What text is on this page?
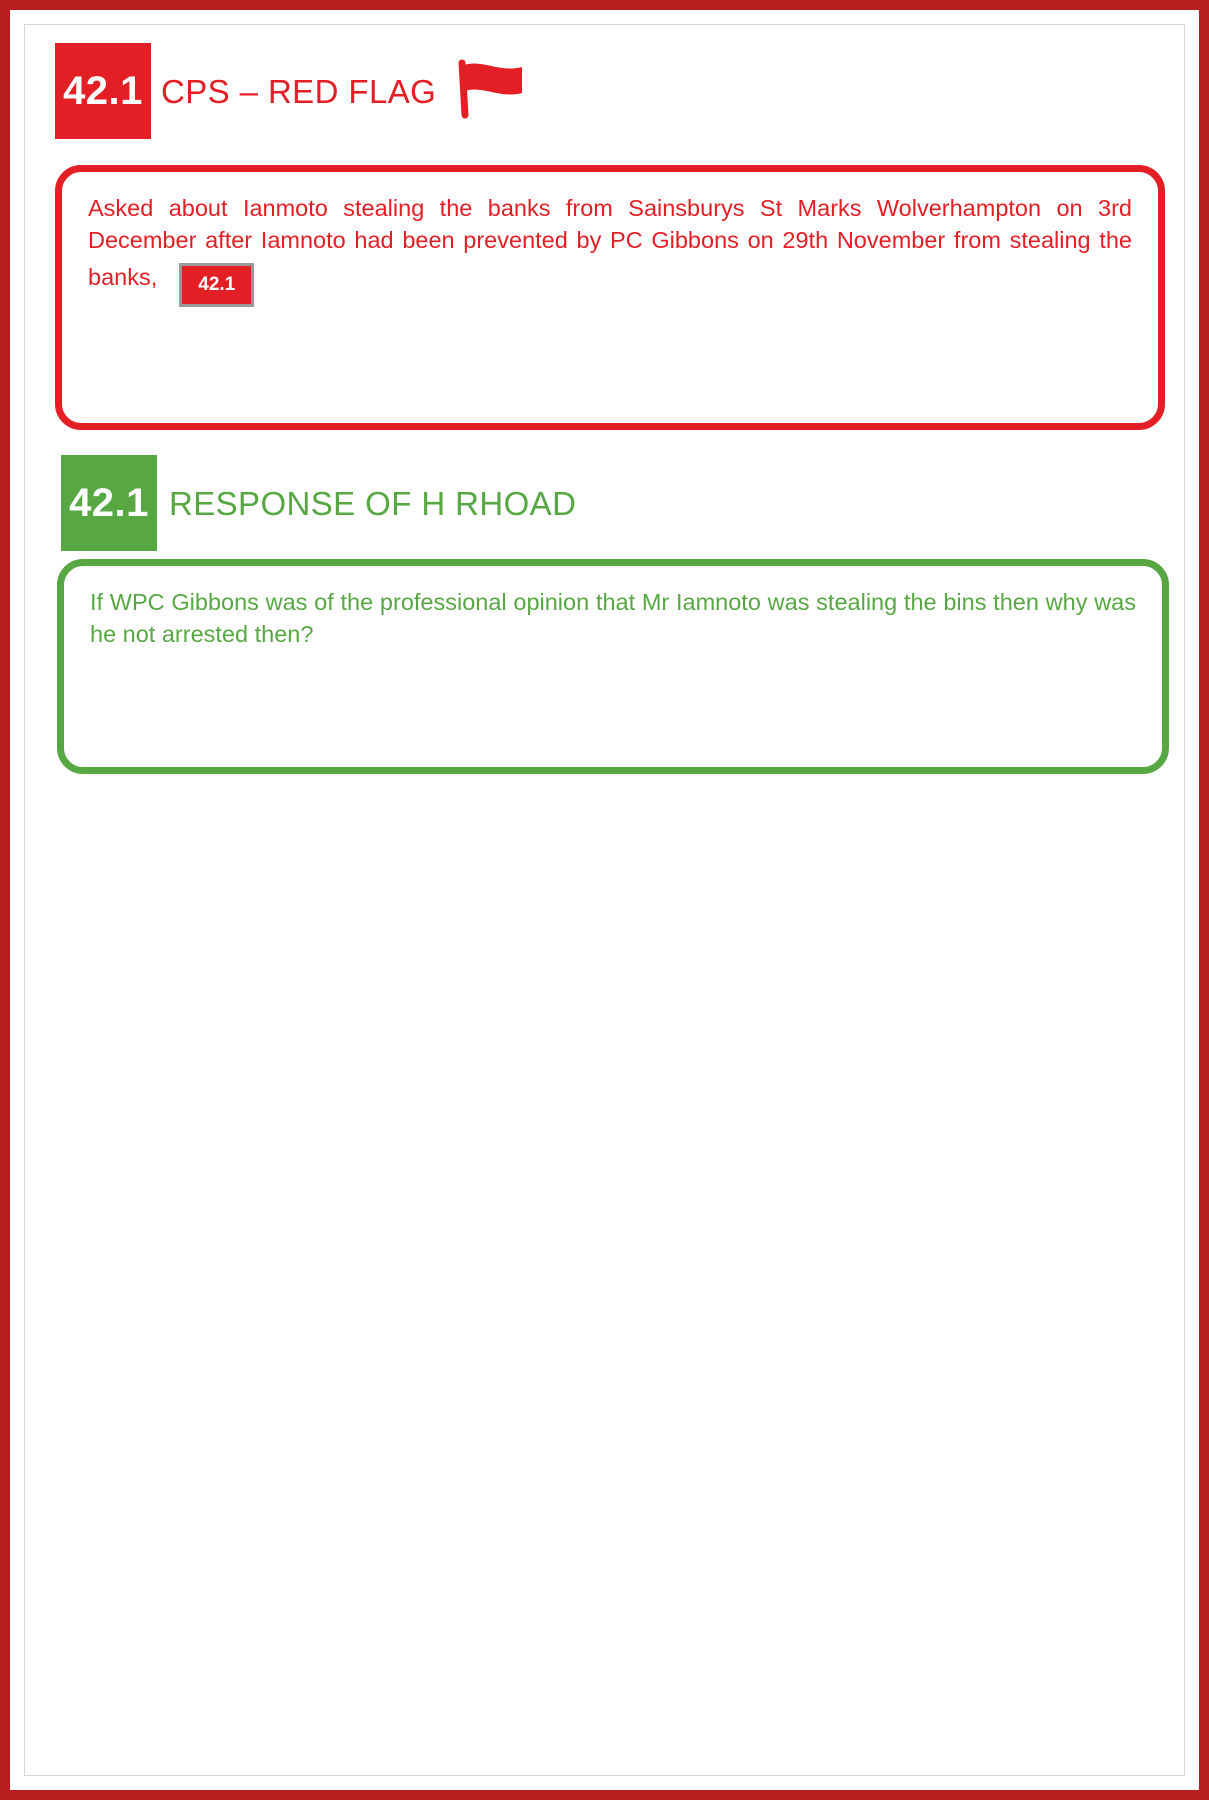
42.1 CPS – RED FLAG

Asked about Ianmoto stealing the banks from Sainsburys St Marks Wolverhampton on 3rd December after Iamnoto had been prevented by PC Gibbons on 29th November from stealing the banks, 42.1

42.1 RESPONSE OF H RHOAD

If WPC Gibbons was of the professional opinion that Mr Iamnoto was stealing the bins then why was he not arrested then?
